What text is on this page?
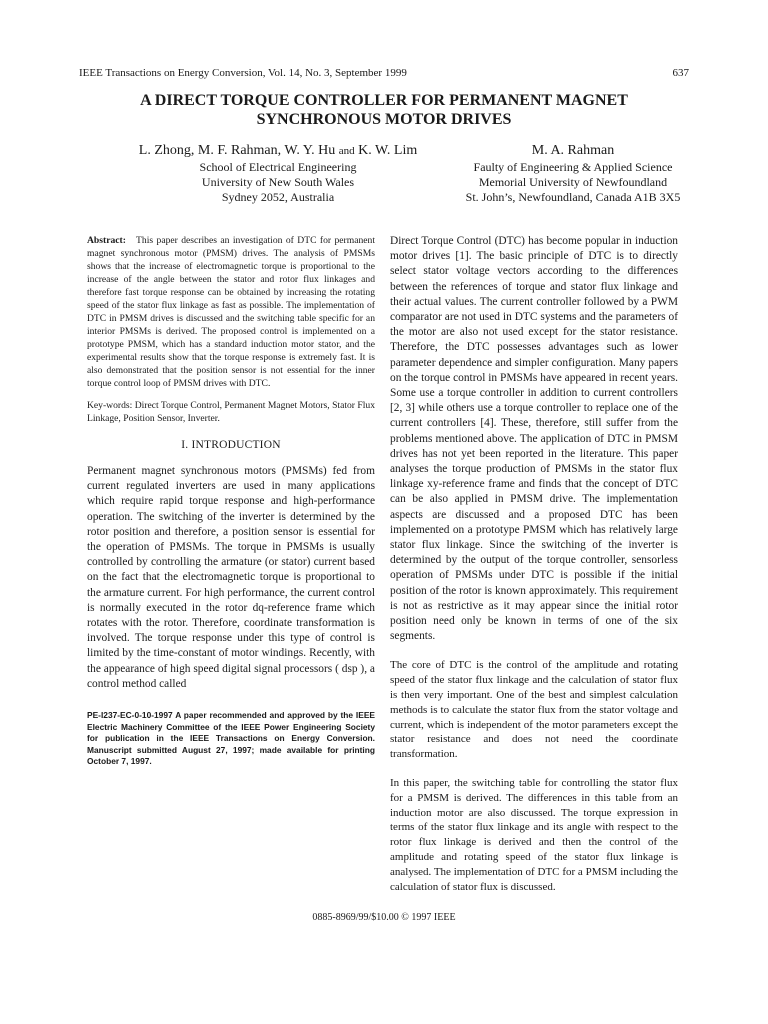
IEEE Transactions on Energy Conversion, Vol. 14, No. 3, September 1999	637
A DIRECT TORQUE CONTROLLER FOR PERMANENT MAGNET
SYNCHRONOUS MOTOR DRIVES
L. Zhong, M. F. Rahman, W. Y. Hu and K. W. Lim
School of Electrical Engineering
University of New South Wales
Sydney 2052, Australia
M. A. Rahman
Faulty of Engineering & Applied Science
Memorial University of Newfoundland
St. John’s, Newfoundland, Canada A1B 3X5

Abstract: This paper describes an investigation of DTC for permanent magnet synchronous motor (PMSM) drives. The analysis of PMSMs shows that the increase of electromagnetic torque is proportional to the increase of the angle between the stator and rotor flux linkages and therefore fast torque response can be obtained by increasing the rotating speed of the stator flux linkage as fast as possible. The implementation of DTC in PMSM drives is discussed and the switching table specific for an interior PMSMs is derived. The proposed control is implemented on a prototype PMSM, which has a standard induction motor stator, and the experimental results show that the torque response is extremely fast. It is also demonstrated that the position sensor is not essential for the inner torque control loop of PMSM drives with DTC.

Key-words: Direct Torque Control, Permanent Magnet Motors, Stator Flux Linkage, Position Sensor, Inverter.

I. INTRODUCTION

Permanent magnet synchronous motors (PMSMs) fed from current regulated inverters are used in many applications which require rapid torque response and high-performance operation. The switching of the inverter is determined by the rotor position and therefore, a position sensor is essential for the operation of PMSMs. The torque in PMSMs is usually controlled by controlling the armature (or stator) current based on the fact that the electromagnetic torque is proportional to the armature current. For high performance, the current control is normally executed in the rotor dq-reference frame which rotates with the rotor. Therefore, coordinate transformation is involved. The torque response under this type of control is limited by the time-constant of motor windings. Recently, with the appearance of high speed digital signal processors ( dsp ), a control method called

PE-I237-EC-0-10-1997 A paper recommended and approved by the IEEE Electric Machinery Committee of the IEEE Power Engineering Society for publication in the IEEE Transactions on Energy Conversion. Manuscript submitted August 27, 1997; made available for printing October 7, 1997.

Direct Torque Control (DTC) has become popular in induction motor drives [1]. The basic principle of DTC is to directly select stator voltage vectors according to the differences between the references of torque and stator flux linkage and their actual values. The current controller followed by a PWM comparator are not used in DTC systems and the parameters of the motor are also not used except for the stator resistance. Therefore, the DTC possesses advantages such as lower parameter dependence and simpler configuration. Many papers on the torque control in PMSMs have appeared in recent years. Some use a torque controller in addition to current controllers [2, 3] while others use a torque controller to replace one of the current controllers [4]. These, therefore, still suffer from the problems mentioned above. The application of DTC in PMSM drives has not yet been reported in the literature. This paper analyses the torque production of PMSMs in the stator flux linkage xy-reference frame and finds that the concept of DTC can be also applied in PMSM drive. The implementation aspects are discussed and a proposed DTC has been implemented on a prototype PMSM which has relatively large stator flux linkage. Since the switching of the inverter is determined by the output of the torque controller, sensorless operation of PMSMs under DTC is possible if the initial position of the rotor is known approximately. This requirement is not as restrictive as it may appear since the initial rotor position need only be known in terms of one of the six segments.

The core of DTC is the control of the amplitude and rotating speed of the stator flux linkage and the calculation of stator flux is then very important. One of the best and simplest calculation methods is to calculate the stator flux from the stator voltage and current, which is independent of the motor parameters except the stator resistance and does not need the coordinate transformation.

In this paper, the switching table for controlling the stator flux for a PMSM is derived. The differences in this table from an induction motor are also discussed. The torque expression in terms of the stator flux linkage and its angle with respect to the rotor flux linkage is derived and then the control of the amplitude and rotating speed of the stator flux linkage is analysed. The implementation of DTC for a PMSM including the calculation of stator flux is discussed.

0885-8969/99/$10.00 © 1997 IEEE
